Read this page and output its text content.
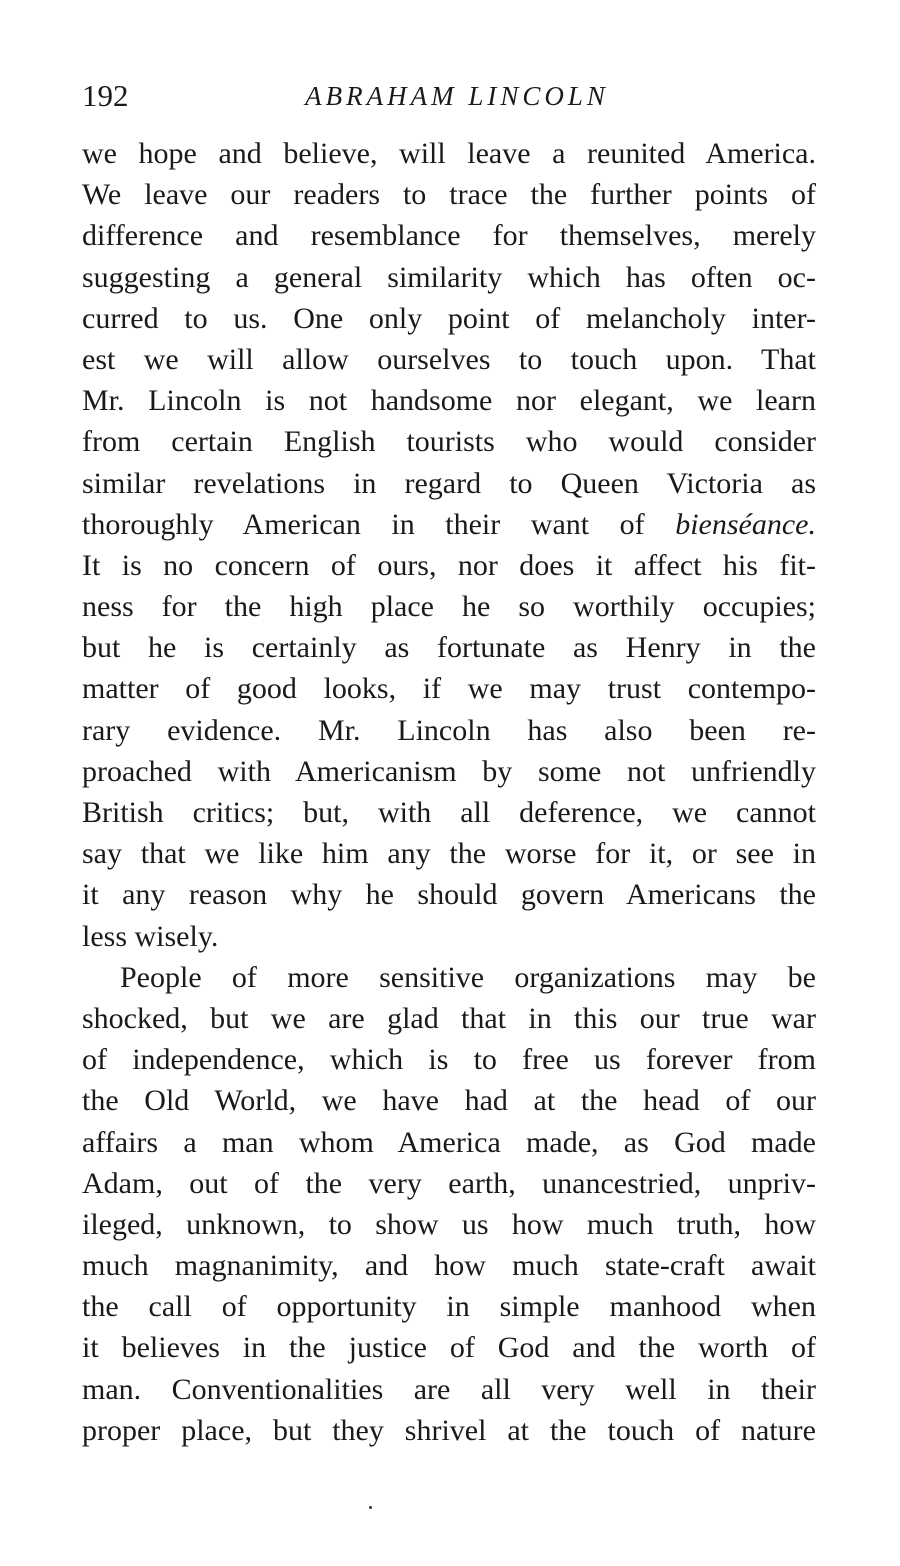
192	ABRAHAM LINCOLN
we hope and believe, will leave a reunited America.
We leave our readers to trace the further points of
difference and resemblance for themselves, merely
suggesting a general similarity which has often oc-
curred to us. One only point of melancholy inter-
est we will allow ourselves to touch upon. That
Mr. Lincoln is not handsome nor elegant, we learn
from certain English tourists who would consider
similar revelations in regard to Queen Victoria as
thoroughly American in their want of bienséance.
It is no concern of ours, nor does it affect his fit-
ness for the high place he so worthily occupies;
but he is certainly as fortunate as Henry in the
matter of good looks, if we may trust contempo-
rary evidence. Mr. Lincoln has also been re-
proached with Americanism by some not unfriendly
British critics; but, with all deference, we cannot
say that we like him any the worse for it, or see in
it any reason why he should govern Americans the
less wisely.
People of more sensitive organizations may be
shocked, but we are glad that in this our true war
of independence, which is to free us forever from
the Old World, we have had at the head of our
affairs a man whom America made, as God made
Adam, out of the very earth, unancestried, unpriv-
ileged, unknown, to show us how much truth, how
much magnanimity, and how much state-craft await
the call of opportunity in simple manhood when
it believes in the justice of God and the worth of
man. Conventionalities are all very well in their
proper place, but they shrivel at the touch of nature
